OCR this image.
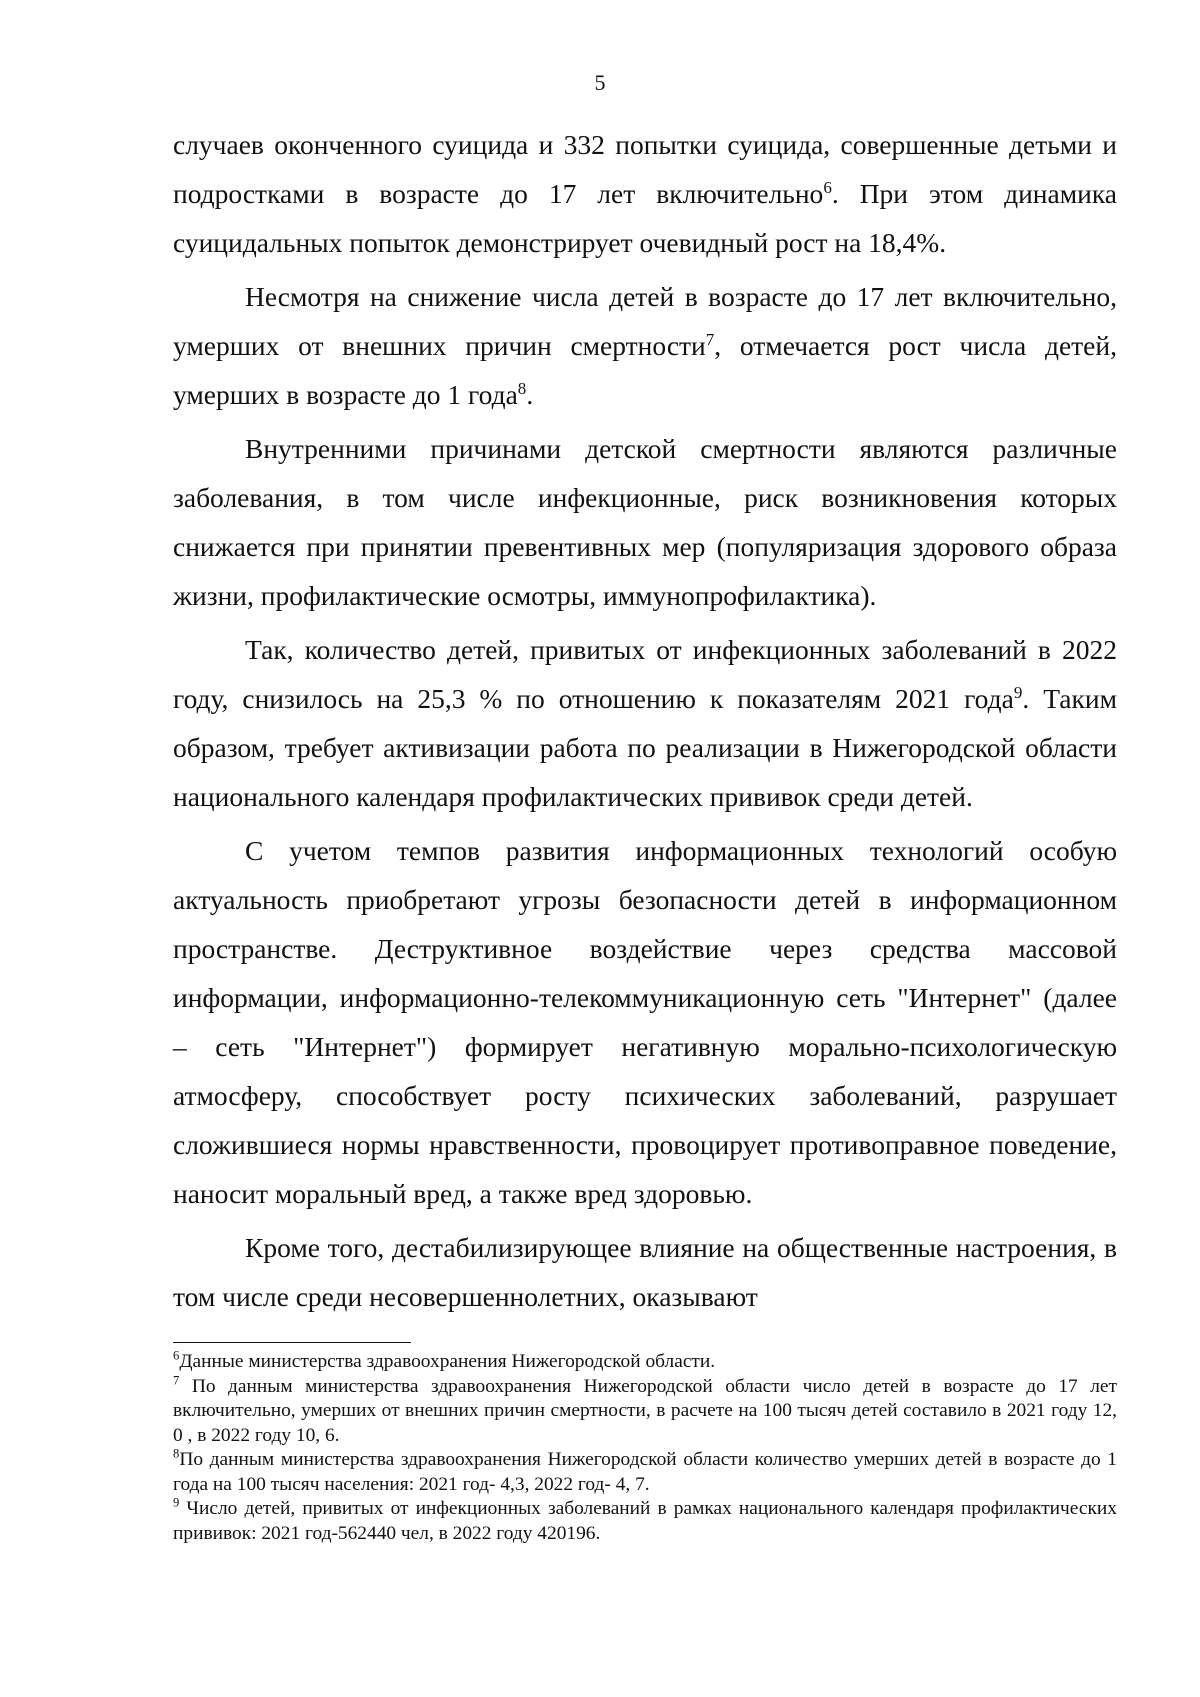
5

случаев оконченного суицида и 332 попытки суицида, совершенные детьми и подростками в возрасте до 17 лет включительно$^6$. При этом динамика суицидальных попыток демонстрирует очевидный рост на 18,4%.

Несмотря на снижение числа детей в возрасте до 17 лет включительно, умерших от внешних причин смертности$^7$, отмечается рост числа детей, умерших в возрасте до 1 года$^8$.

Внутренними причинами детской смертности являются различные заболевания, в том числе инфекционные, риск возникновения которых снижается при принятии превентивных мер (популяризация здорового образа жизни, профилактические осмотры, иммунопрофилактика).

Так, количество детей, привитых от инфекционных заболеваний в 2022 году, снизилось на 25,3 % по отношению к показателям 2021 года$^9$. Таким образом, требует активизации работа по реализации в Нижегородской области национального календаря профилактических прививок среди детей.

С учетом темпов развития информационных технологий особую актуальность приобретают угрозы безопасности детей в информационном пространстве. Деструктивное воздействие через средства массовой информации, информационно-телекоммуникационную сеть "Интернет" (далее – сеть "Интернет") формирует негативную морально-психологическую атмосферу, способствует росту психических заболеваний, разрушает сложившиеся нормы нравственности, провоцирует противоправное поведение, наносит моральный вред, а также вред здоровью.

Кроме того, дестабилизирующее влияние на общественные настроения, в том числе среди несовершеннолетних, оказывают

$^6$Данные министерства здравоохранения Нижегородской области.

$^7$ По данным министерства здравоохранения Нижегородской области число детей в возрасте до 17 лет включительно, умерших от внешних причин смертности, в расчете на 100 тысяч детей составило в 2021 году 12, 0 , в 2022 году 10, 6.

$^8$По данным министерства здравоохранения Нижегородской области количество умерших детей в возрасте до 1 года на 100 тысяч населения: 2021 год- 4,3, 2022 год- 4, 7.

$^9$ Число детей, привитых от инфекционных заболеваний в рамках национального календаря профилактических прививок: 2021 год-562440 чел, в 2022 году 420196.
